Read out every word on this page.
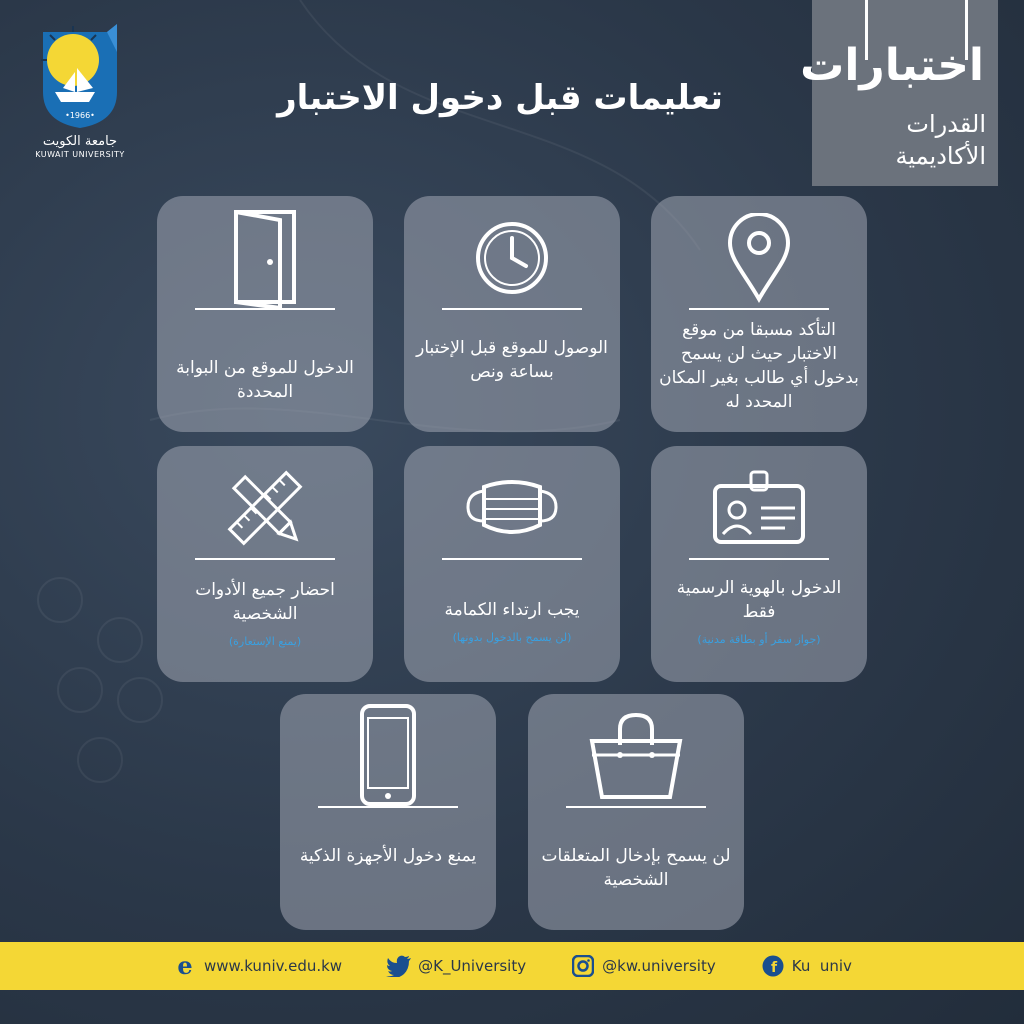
•1966•
جامعة الكويت
KUWAIT UNIVERSITY
تعليمات قبل دخول الاختبار
اختبارات
القدرات
الأكاديمية
التأكد مسبقا من موقع الاختبار حيث لن يسمح بدخول أي طالب بغير المكان المحدد له
الوصول للموقع قبل الإختبار بساعة ونص
الدخول للموقع من البوابة المحددة
الدخول بالهوية الرسمية فقط
(جواز سفر أو بطاقة مدنية)
يجب ارتداء الكمامة
(لن يسمح بالدخول بدونها)
احضار جميع الأدوات الشخصية
(يمنع الإستعارة)
لن يسمح بإدخال المتعلقات الشخصية
يمنع دخول الأجهزة الذكية
e www.kuniv.edu.kw	@K_University	@kw.university	f Ku  univ
